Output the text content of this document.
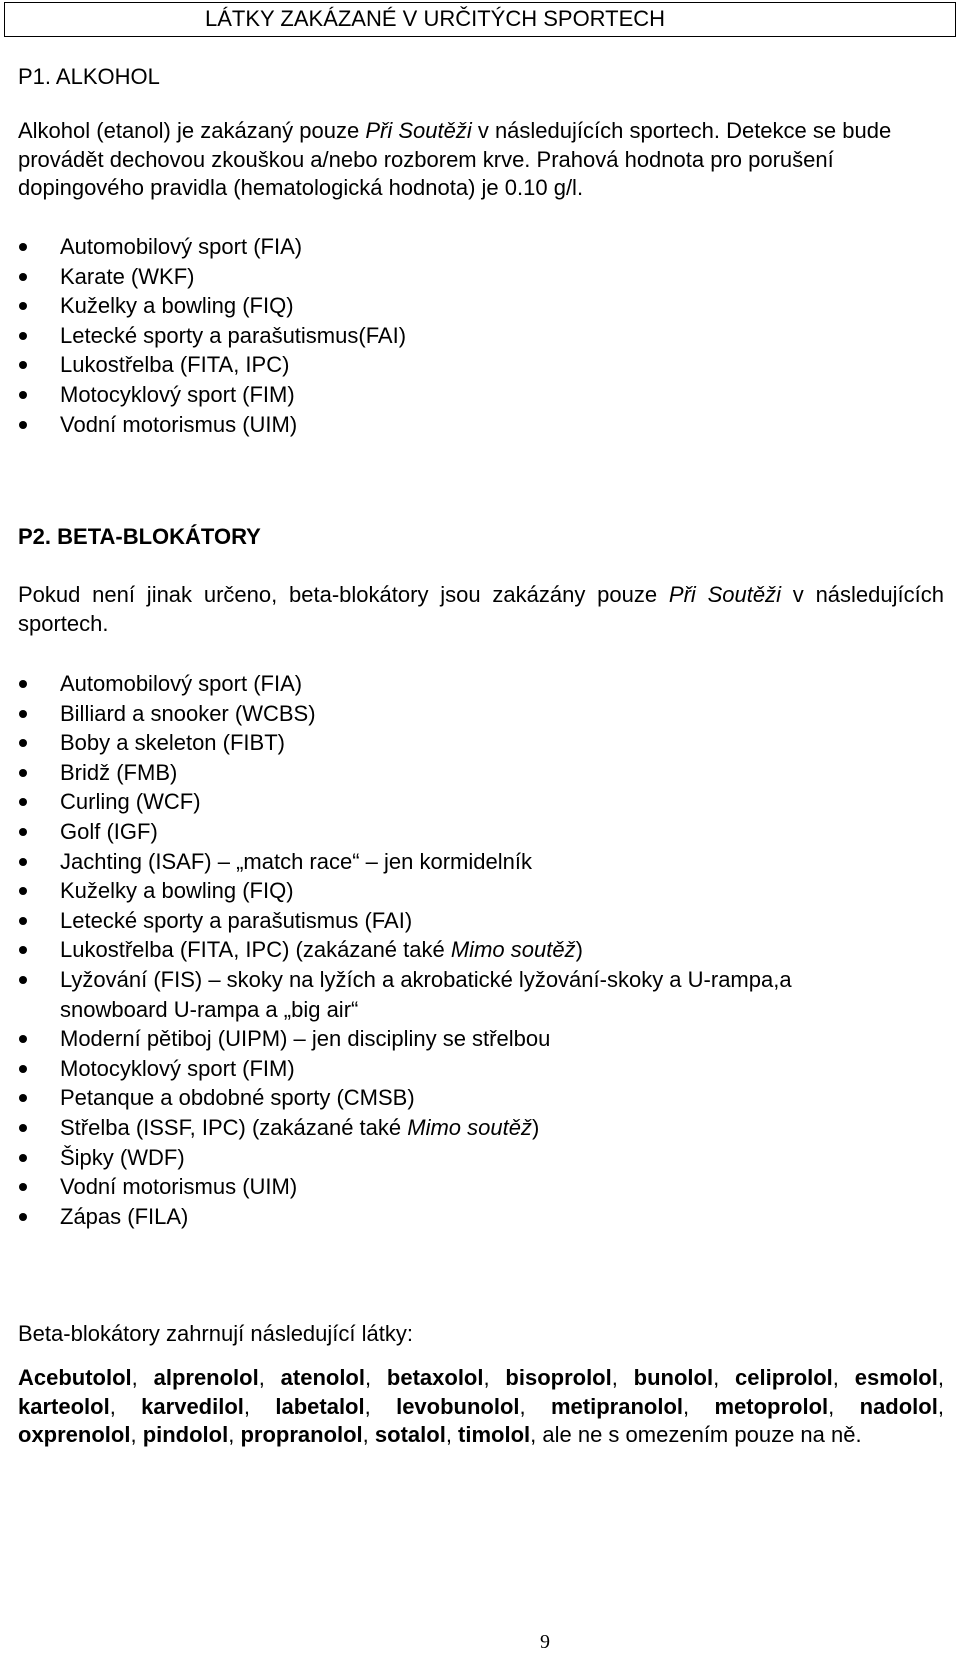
LÁTKY ZAKÁZANÉ V URČITÝCH SPORTECH
P1. ALKOHOL
Alkohol (etanol) je zakázaný pouze Při Soutěži v následujících sportech. Detekce se bude provádět dechovou zkouškou a/nebo rozborem krve. Prahová hodnota pro porušení dopingového pravidla (hematologická hodnota) je 0.10 g/l.
Automobilový sport (FIA)
Karate (WKF)
Kuželky a bowling (FIQ)
Letecké sporty a parašutismus(FAI)
Lukostřelba (FITA, IPC)
Motocyklový sport (FIM)
Vodní motorismus (UIM)
P2. BETA-BLOKÁTORY
Pokud není jinak určeno, beta-blokátory jsou zakázány pouze Při Soutěži v následujících sportech.
Automobilový sport (FIA)
Billiard a snooker (WCBS)
Boby a skeleton (FIBT)
Bridž (FMB)
Curling (WCF)
Golf (IGF)
Jachting (ISAF) – „match race“ – jen kormidelník
Kuželky a bowling (FIQ)
Letecké sporty a parašutismus (FAI)
Lukostřelba (FITA, IPC) (zakázané také Mimo soutěž)
Lyžování (FIS) – skoky na lyžích a akrobatické lyžování-skoky a U-rampa,a snowboard U-rampa a „big air“
Moderní pětiboj (UIPM) – jen discipliny se střelbou
Motocyklový sport (FIM)
Petanque a obdobné sporty (CMSB)
Střelba (ISSF, IPC) (zakázané také Mimo soutěž)
Šipky (WDF)
Vodní motorismus (UIM)
Zápas (FILA)
Beta-blokátory zahrnují následující látky:
Acebutolol, alprenolol, atenolol, betaxolol, bisoprolol, bunolol, celiprolol, esmolol, karteolol, karvedilol, labetalol, levobunolol, metipranolol, metoprolol, nadolol, oxprenolol, pindolol, propranolol, sotalol, timolol, ale ne s omezením pouze na ně.
9
